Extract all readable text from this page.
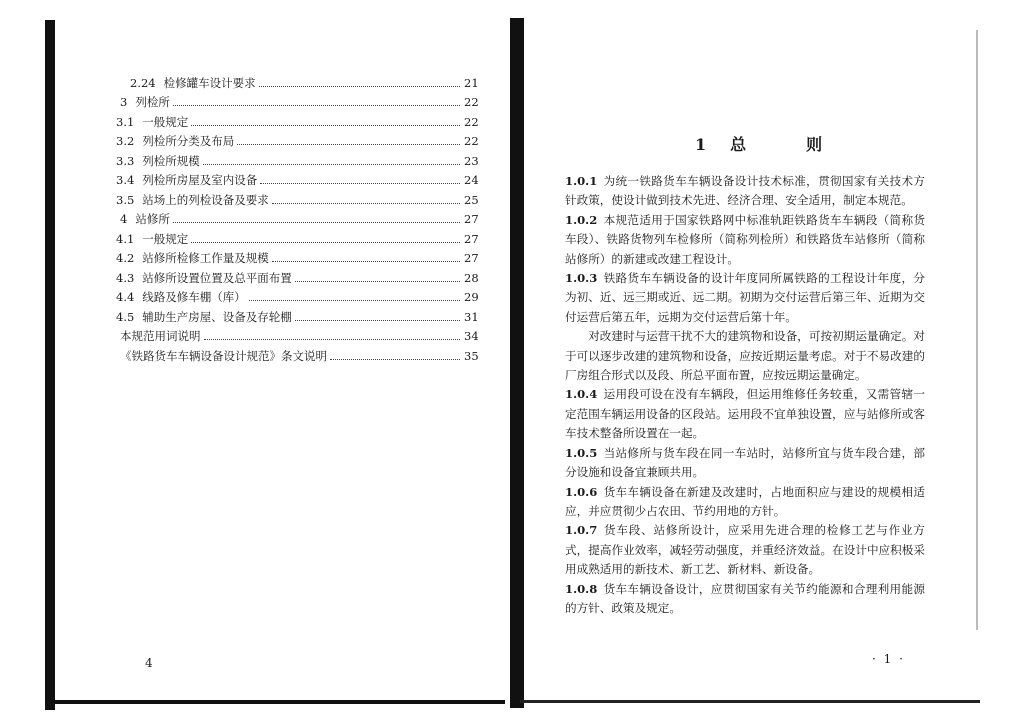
2.24 检修罐车设计要求	21
3 列检所	22
3.1 一般规定	22
3.2 列检所分类及布局	22
3.3 列检所规模	23
3.4 列检所房屋及室内设备	24
3.5 站场上的列检设备及要求	25
4 站修所	27
4.1 一般规定	27
4.2 站修所检修工作量及规模	27
4.3 站修所设置位置及总平面布置	28
4.4 线路及修车棚（库）	29
4.5 辅助生产房屋、设备及存轮棚	31
本规范用词说明	34
《铁路货车车辆设备设计规范》条文说明	35
4
1 总　则

1.0.1 为统一铁路货车车辆设备设计技术标准，贯彻国家有关技术方针政策，使设计做到技术先进、经济合理、安全适用，制定本规范。

1.0.2 本规范适用于国家铁路网中标准轨距铁路货车车辆段（简称货车段）、铁路货物列车检修所（简称列检所）和铁路货车站修所（简称站修所）的新建或改建工程设计。

1.0.3 铁路货车车辆设备的设计年度同所属铁路的工程设计年度，分为初、近、远三期或近、远二期。初期为交付运营后第三年、近期为交付运营后第五年，远期为交付运营后第十年。

对改建时与运营干扰不大的建筑物和设备，可按初期运量确定。对于可以逐步改建的建筑物和设备，应按近期运量考虑。对于不易改建的厂房组合形式以及段、所总平面布置，应按远期运量确定。

1.0.4 运用段可设在没有车辆段，但运用维修任务较重，又需管辖一定范围车辆运用设备的区段站。运用段不宜单独设置，应与站修所或客车技术整备所设置在一起。

1.0.5 当站修所与货车段在同一车站时，站修所宜与货车段合建，部分设施和设备宜兼顾共用。

1.0.6 货车车辆设备在新建及改建时，占地面积应与建设的规模相适应，并应贯彻少占农田、节约用地的方针。

1.0.7 货车段、站修所设计，应采用先进合理的检修工艺与作业方式，提高作业效率，减轻劳动强度，并重经济效益。在设计中应积极采用成熟适用的新技术、新工艺、新材料、新设备。

1.0.8 货车车辆设备设计，应贯彻国家有关节约能源和合理利用能源的方针、政策及规定。

· 1 ·
